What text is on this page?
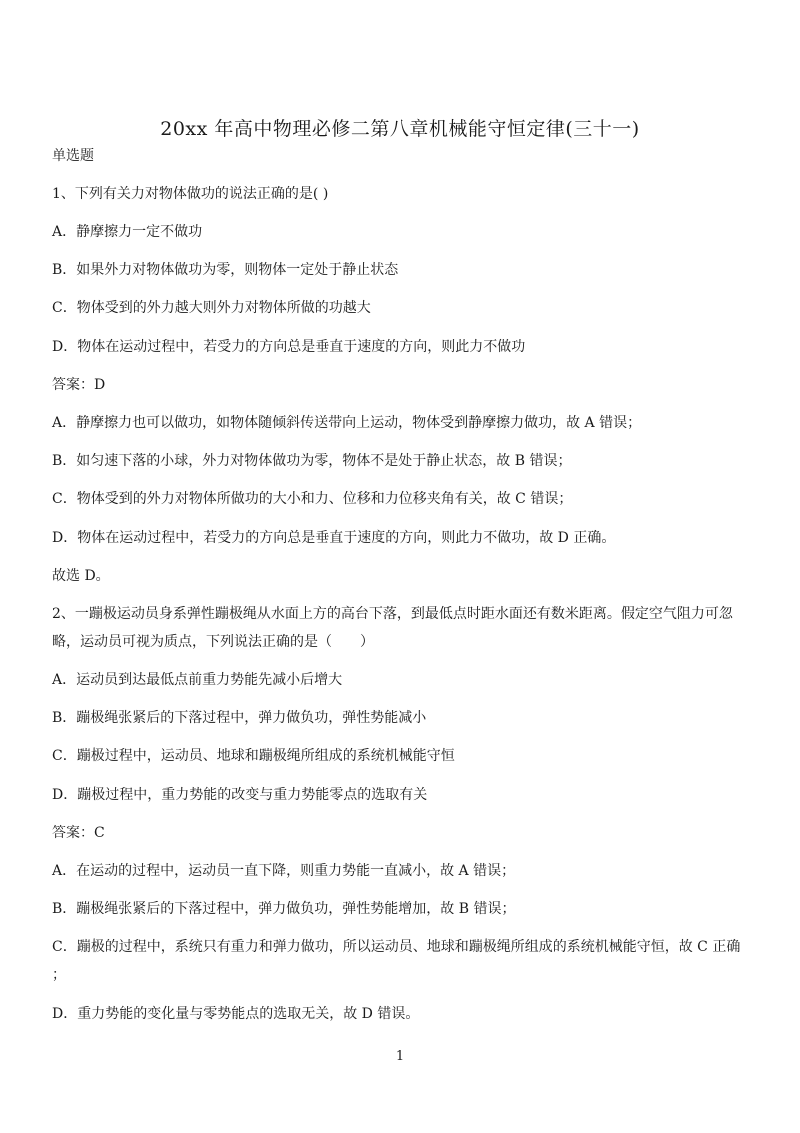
20xx 年高中物理必修二第八章机械能守恒定律(三十一)
单选题
1、下列有关力对物体做功的说法正确的是( )
A．静摩擦力一定不做功
B．如果外力对物体做功为零，则物体一定处于静止状态
C．物体受到的外力越大则外力对物体所做的功越大
D．物体在运动过程中，若受力的方向总是垂直于速度的方向，则此力不做功
答案：D
A．静摩擦力也可以做功，如物体随倾斜传送带向上运动，物体受到静摩擦力做功，故 A 错误；
B．如匀速下落的小球，外力对物体做功为零，物体不是处于静止状态，故 B 错误；
C．物体受到的外力对物体所做功的大小和力、位移和力位移夹角有关，故 C 错误；
D．物体在运动过程中，若受力的方向总是垂直于速度的方向，则此力不做功，故 D 正确。
故选 D。
2、一蹦极运动员身系弹性蹦极绳从水面上方的高台下落，到最低点时距水面还有数米距离。假定空气阻力可忽
略，运动员可视为质点，下列说法正确的是（　　）
A．运动员到达最低点前重力势能先减小后增大
B．蹦极绳张紧后的下落过程中，弹力做负功，弹性势能减小
C．蹦极过程中，运动员、地球和蹦极绳所组成的系统机械能守恒
D．蹦极过程中，重力势能的改变与重力势能零点的选取有关
答案：C
A．在运动的过程中，运动员一直下降，则重力势能一直减小，故 A 错误；
B．蹦极绳张紧后的下落过程中，弹力做负功，弹性势能增加，故 B 错误；
C．蹦极的过程中，系统只有重力和弹力做功，所以运动员、地球和蹦极绳所组成的系统机械能守恒，故 C 正确
；
D．重力势能的变化量与零势能点的选取无关，故 D 错误。
1
